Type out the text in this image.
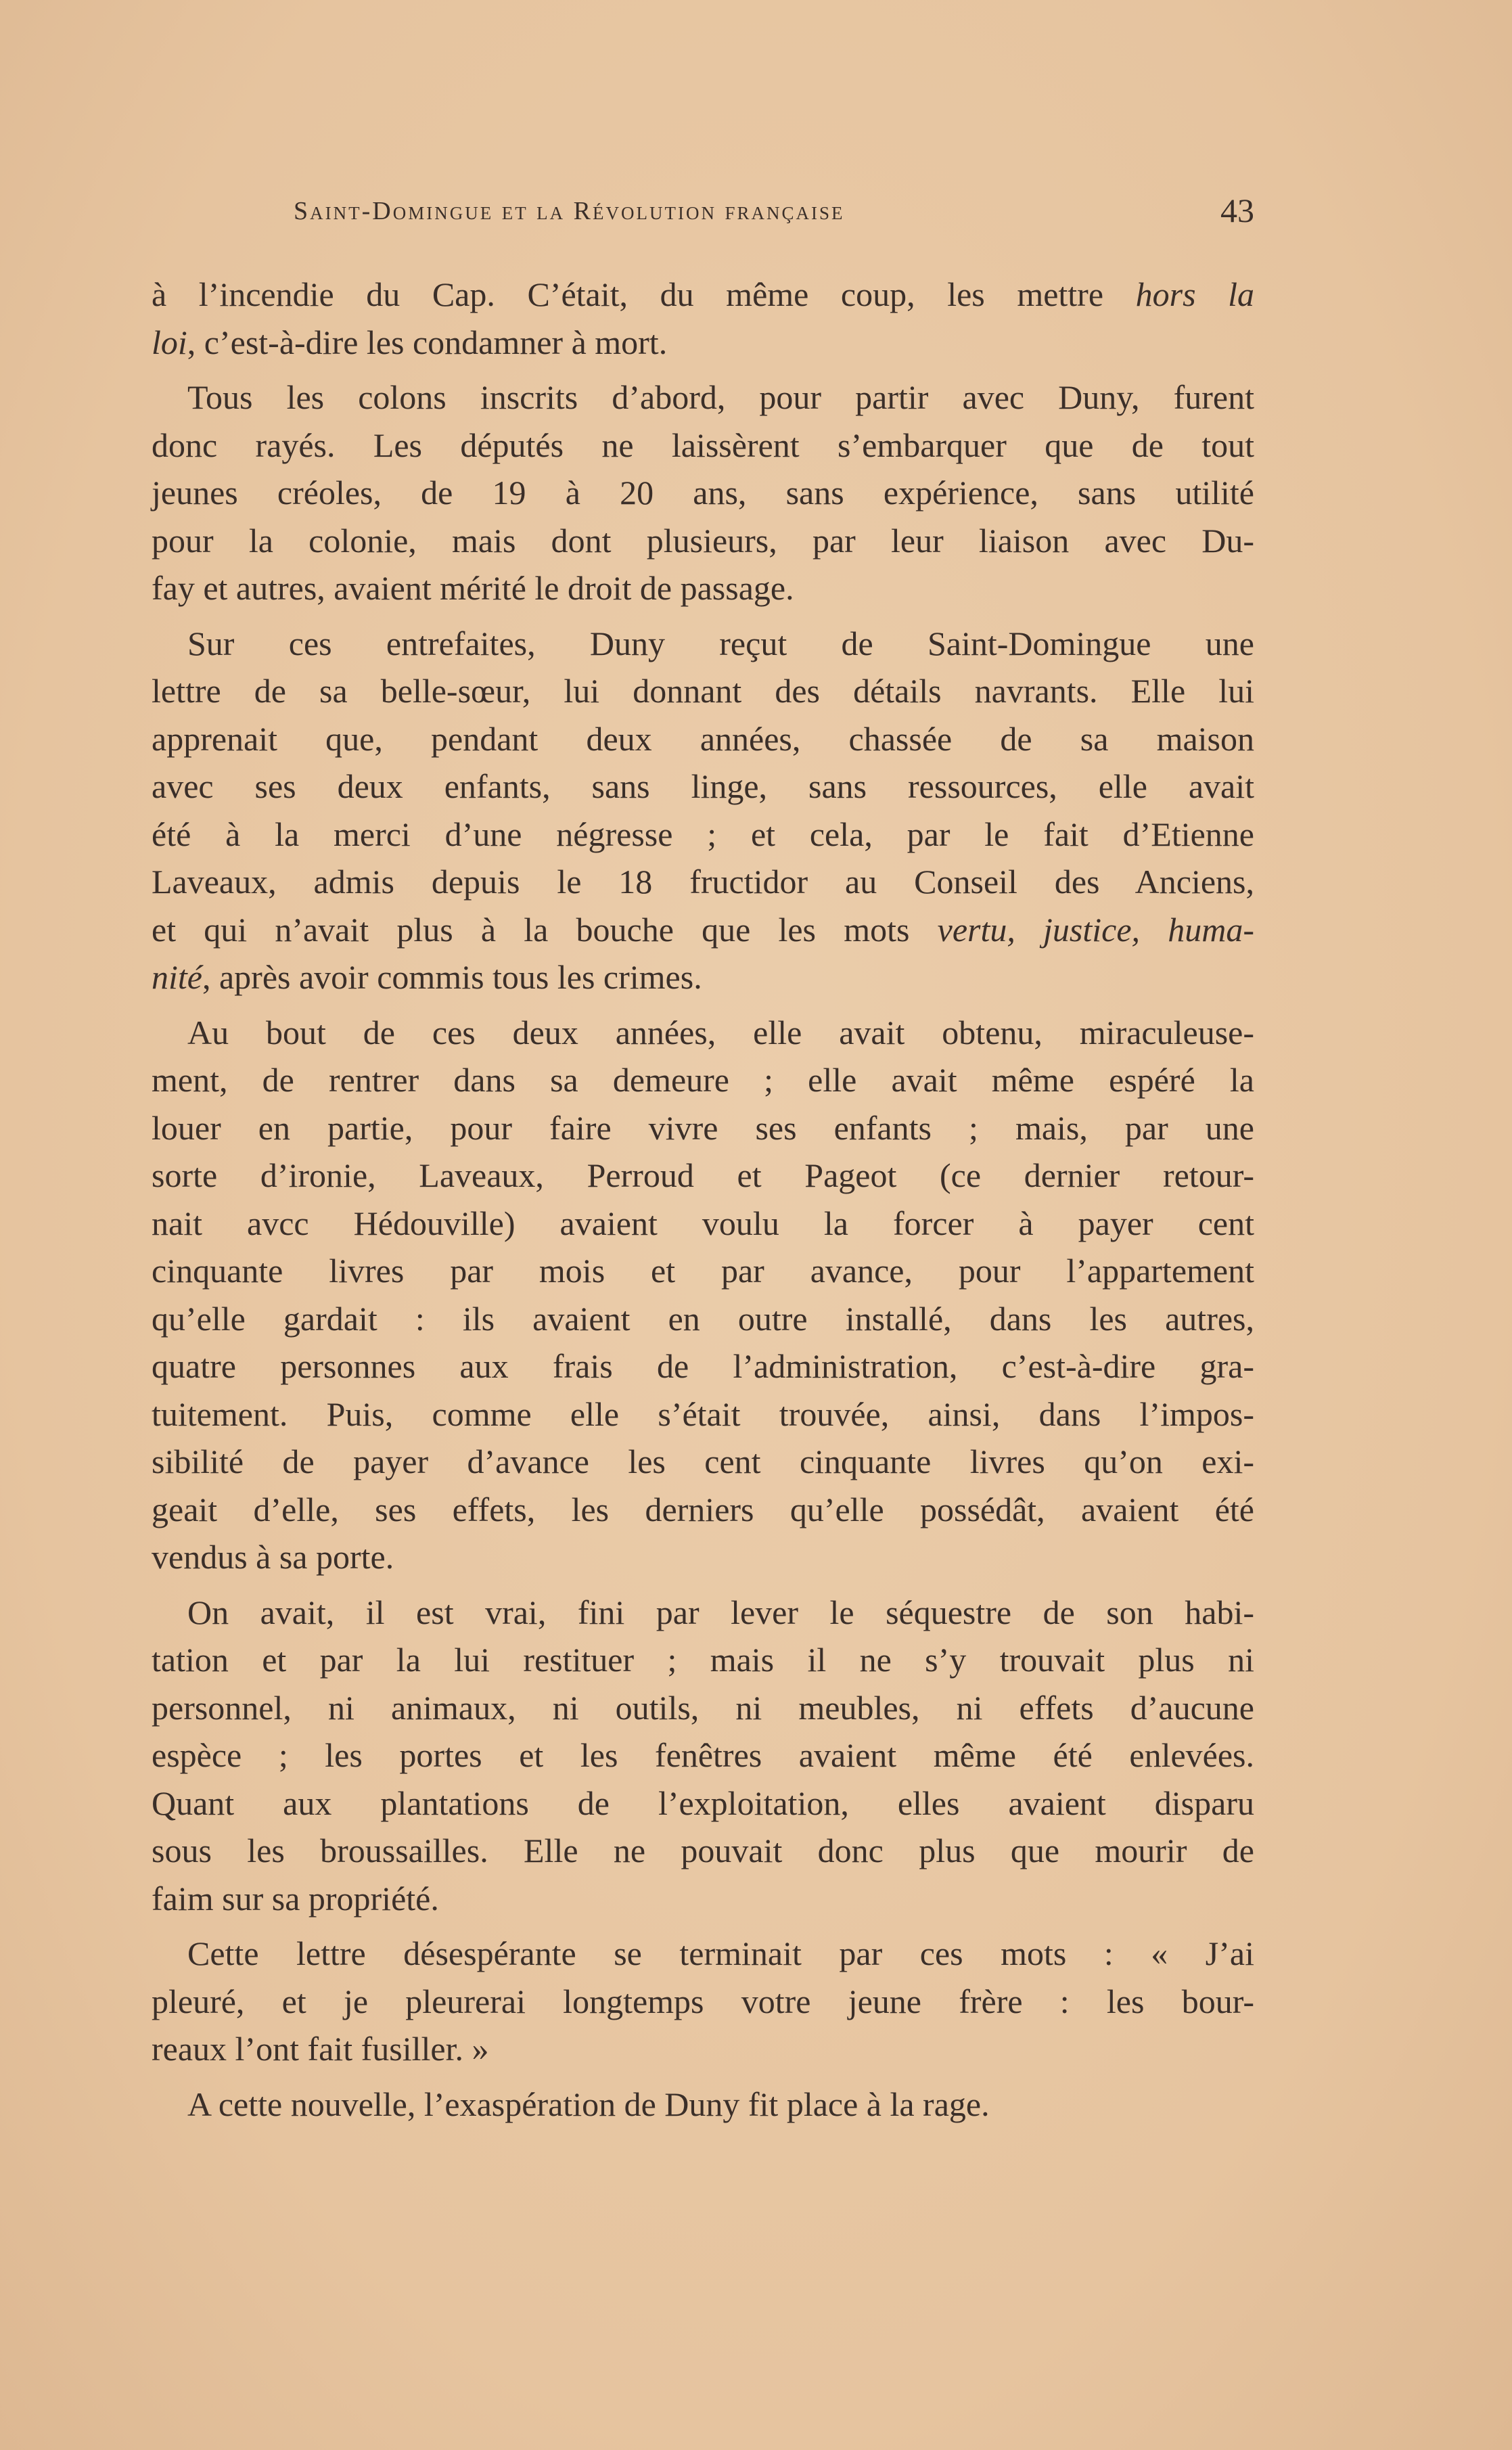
Saint-Domingue et la Révolution française	43
à l’incendie du Cap. C’était, du même coup, les mettre hors la
loi, c’est-à-dire les condamner à mort.
Tous les colons inscrits d’abord, pour partir avec Duny, furent
donc rayés. Les députés ne laissèrent s’embarquer que de tout
jeunes créoles, de 19 à 20 ans, sans expérience, sans utilité
pour la colonie, mais dont plusieurs, par leur liaison avec Du-
fay et autres, avaient mérité le droit de passage.
Sur ces entrefaites, Duny reçut de Saint-Domingue une
lettre de sa belle-sœur, lui donnant des détails navrants. Elle lui
apprenait que, pendant deux années, chassée de sa maison
avec ses deux enfants, sans linge, sans ressources, elle avait
été à la merci d’une négresse ; et cela, par le fait d’Etienne
Laveaux, admis depuis le 18 fructidor au Conseil des Anciens,
et qui n’avait plus à la bouche que les mots vertu, justice, huma-
nité, après avoir commis tous les crimes.
Au bout de ces deux années, elle avait obtenu, miraculeuse-
ment, de rentrer dans sa demeure ; elle avait même espéré la
louer en partie, pour faire vivre ses enfants ; mais, par une
sorte d’ironie, Laveaux, Perroud et Pageot (ce dernier retour-
nait avcc Hédouville) avaient voulu la forcer à payer cent
cinquante livres par mois et par avance, pour l’appartement
qu’elle gardait : ils avaient en outre installé, dans les autres,
quatre personnes aux frais de l’administration, c’est-à-dire gra-
tuitement. Puis, comme elle s’était trouvée, ainsi, dans l’impos-
sibilité de payer d’avance les cent cinquante livres qu’on exi-
geait d’elle, ses effets, les derniers qu’elle possédât, avaient été
vendus à sa porte.
On avait, il est vrai, fini par lever le séquestre de son habi-
tation et par la lui restituer ; mais il ne s’y trouvait plus ni
personnel, ni animaux, ni outils, ni meubles, ni effets d’aucune
espèce ; les portes et les fenêtres avaient même été enlevées.
Quant aux plantations de l’exploitation, elles avaient disparu
sous les broussailles. Elle ne pouvait donc plus que mourir de
faim sur sa propriété.
Cette lettre désespérante se terminait par ces mots : « J’ai
pleuré, et je pleurerai longtemps votre jeune frère : les bour-
reaux l’ont fait fusiller. »
A cette nouvelle, l’exaspération de Duny fit place à la rage.
